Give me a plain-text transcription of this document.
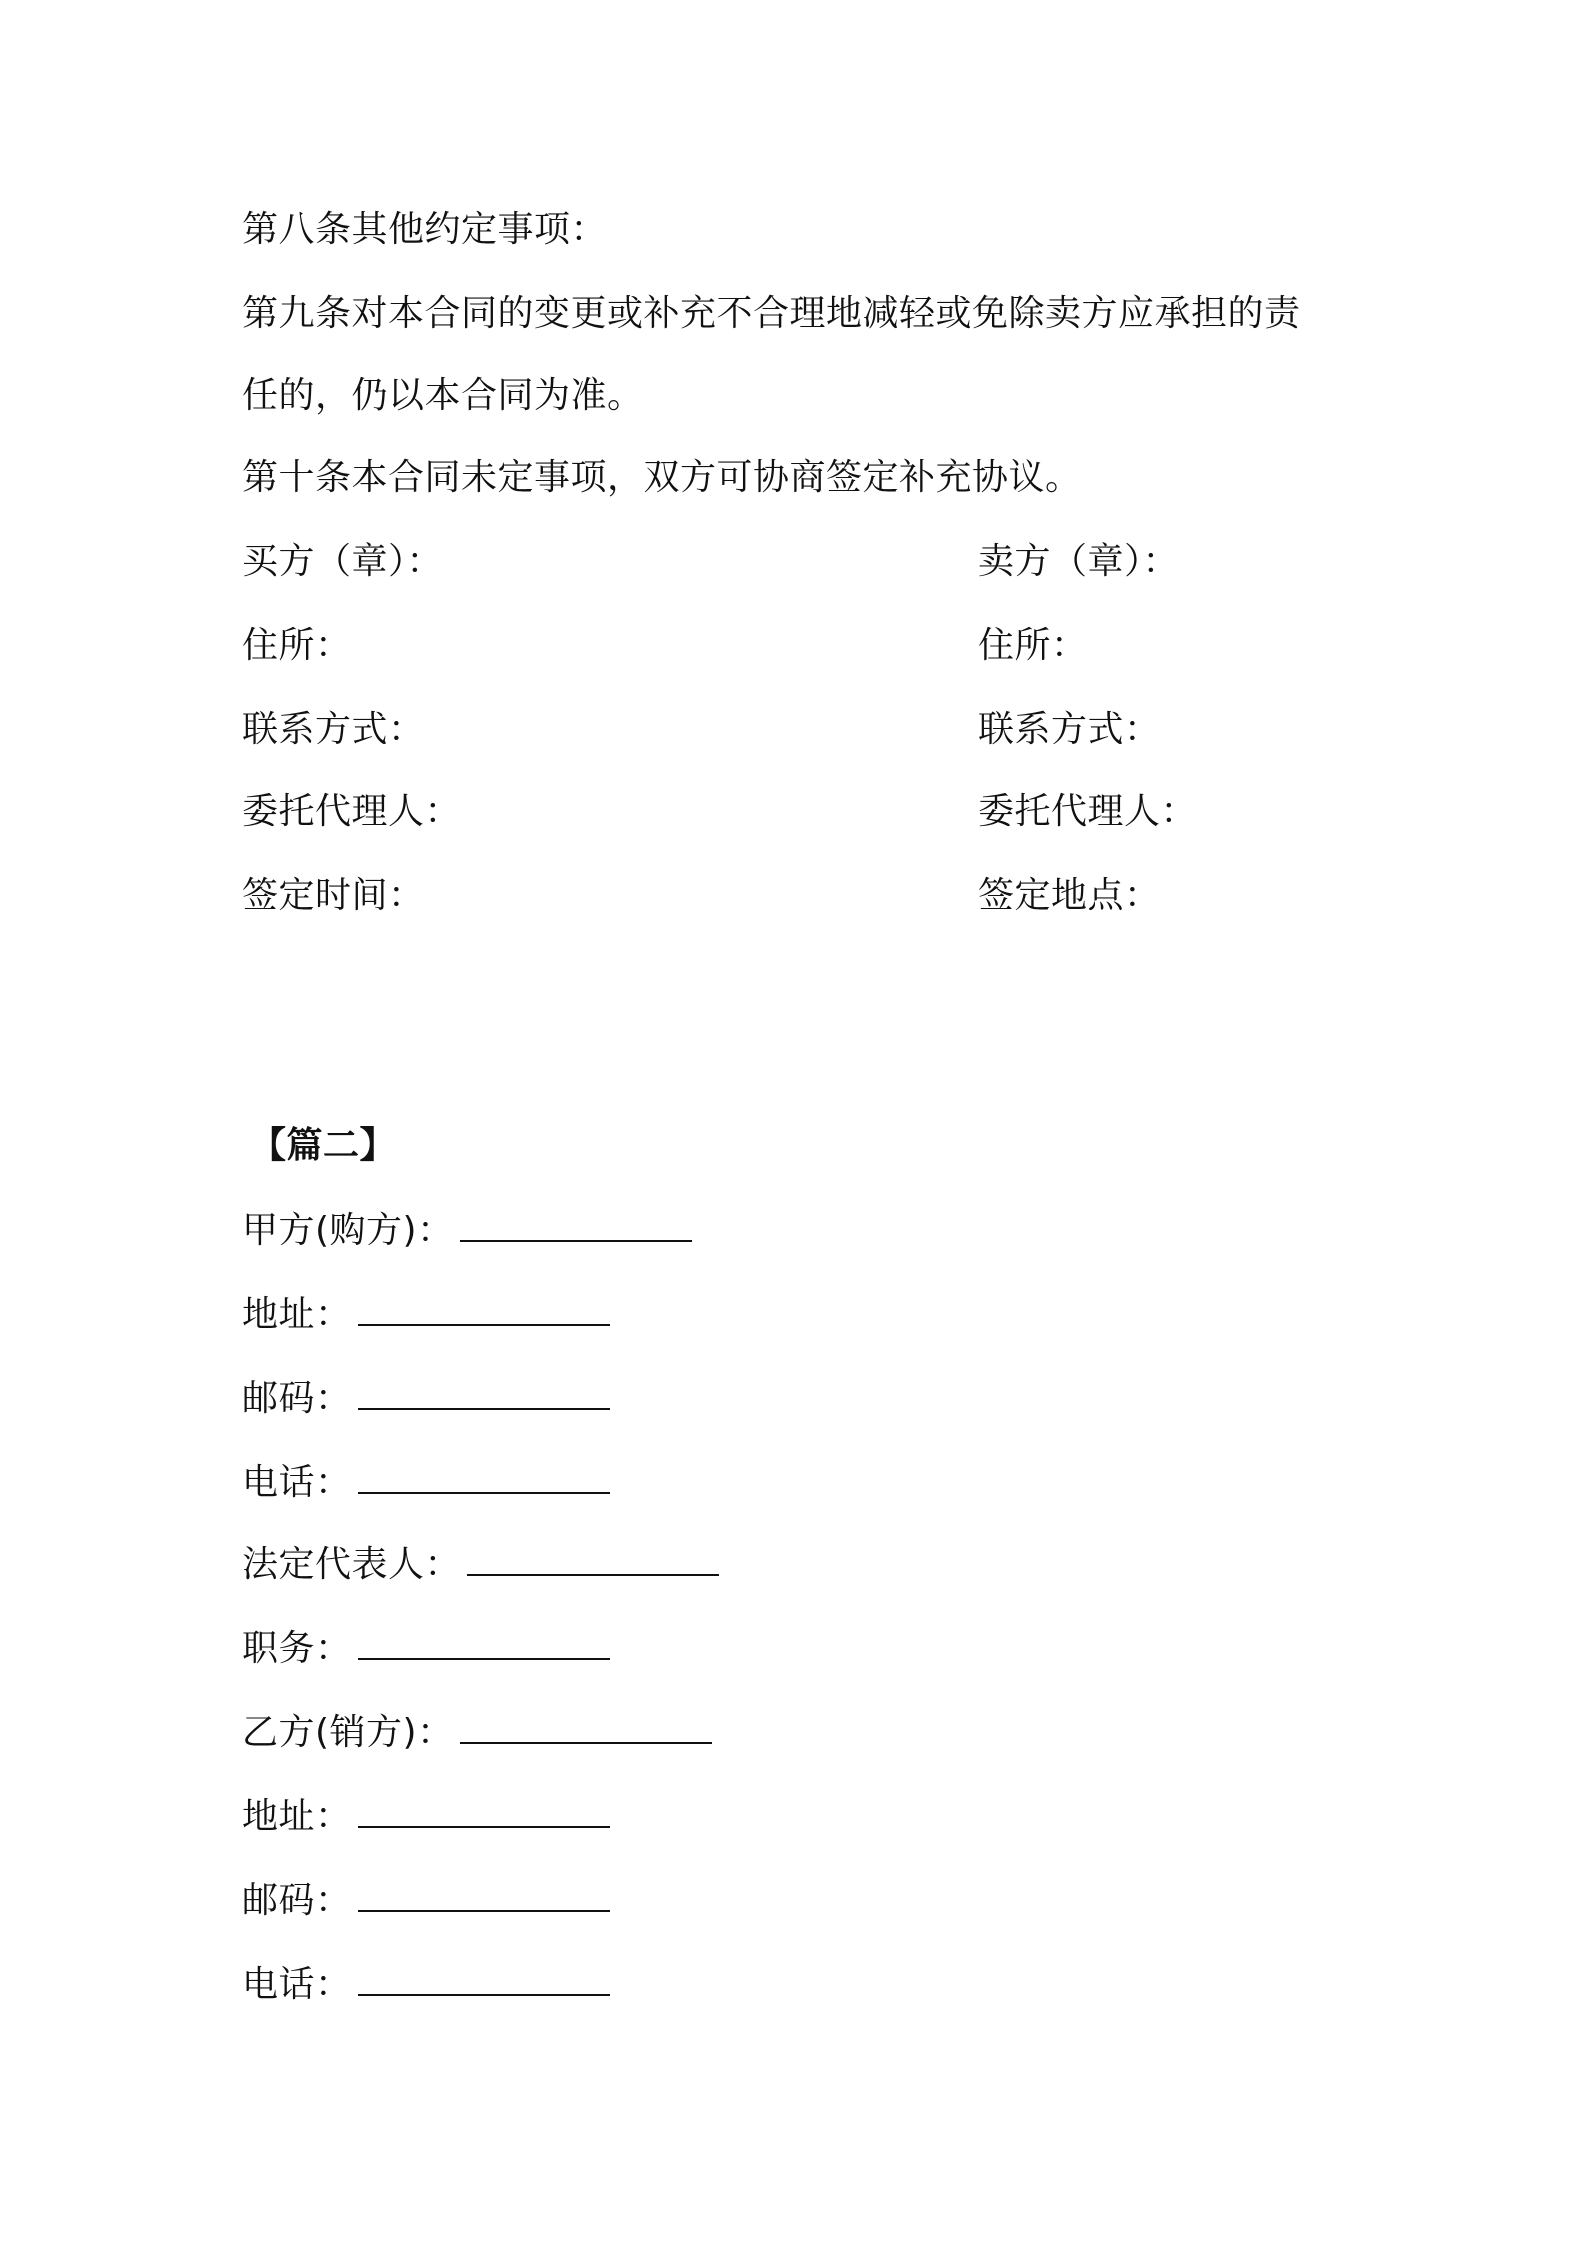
第八条其他约定事项：
第九条对本合同的变更或补充不合理地减轻或免除卖方应承担的责
任的，仍以本合同为准。
第十条本合同未定事项，双方可协商签定补充协议。
买方（章）：
住所：
联系方式：
委托代理人：
签定时间：
卖方（章）：
住所：
联系方式：
委托代理人：
签定地点：
【篇二】
甲方(购方)：
地址：
邮码：
电话：
法定代表人：
职务：
乙方(销方)：
地址：
邮码：
电话：
